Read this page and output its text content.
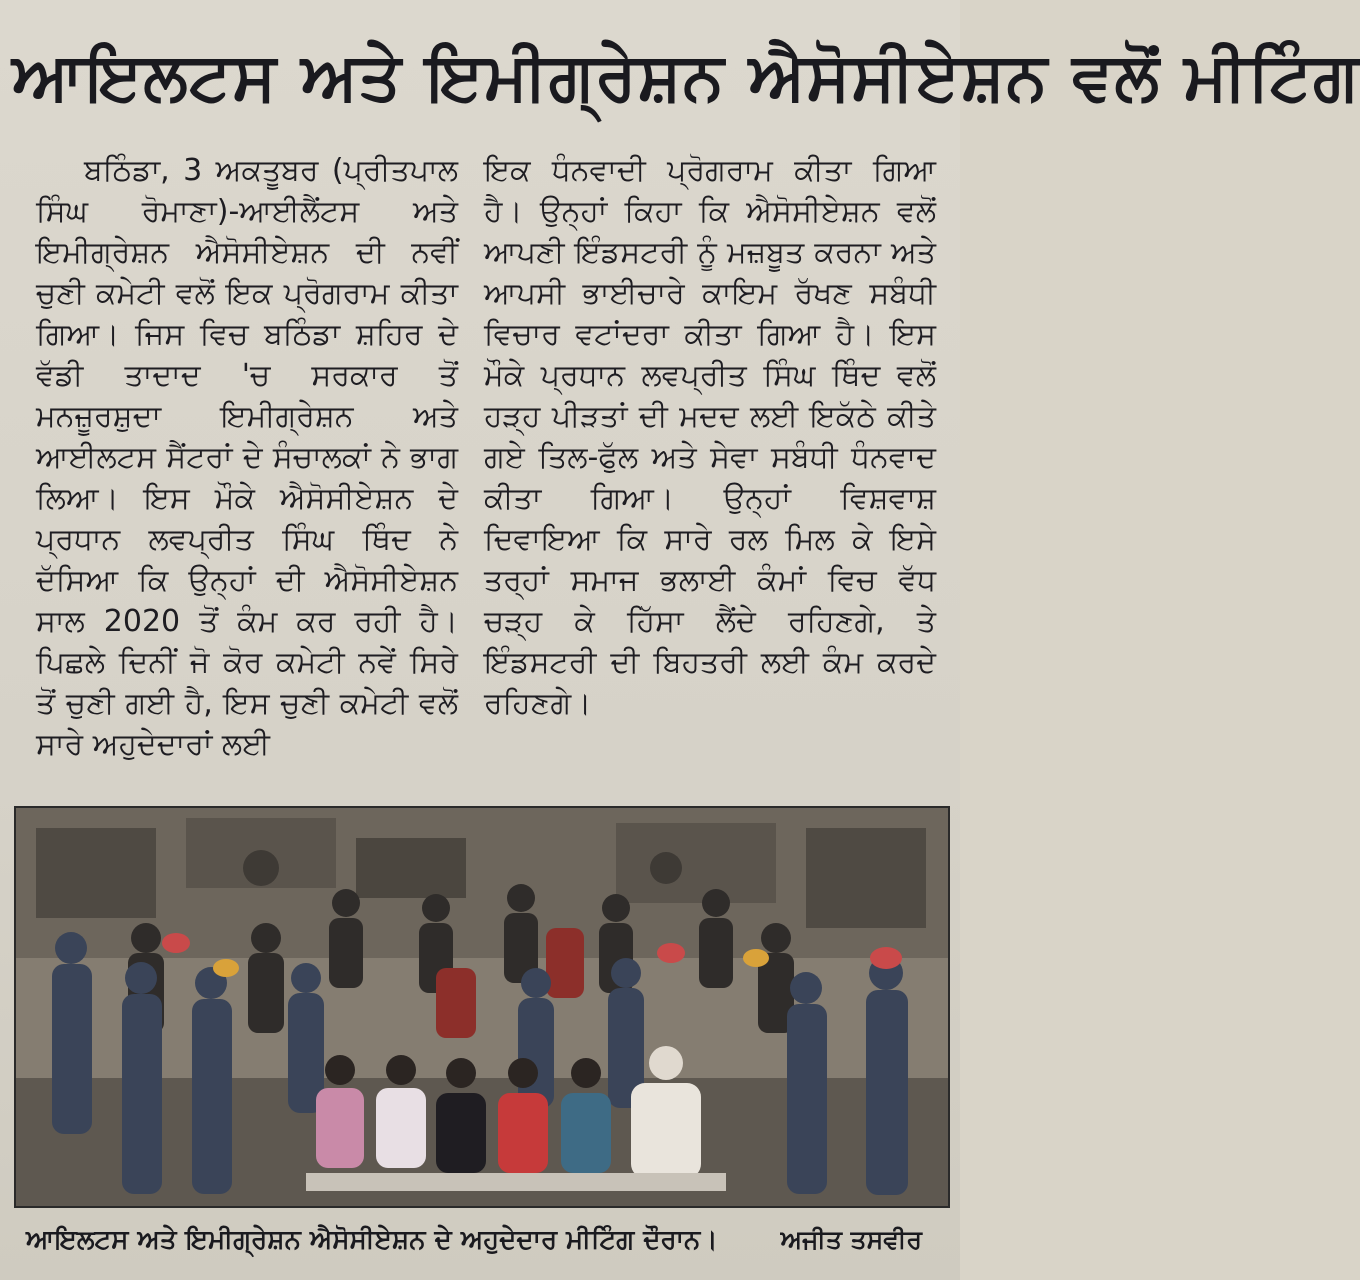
ਆਇਲਟਸ ਅਤੇ ਇਮੀਗ੍ਰੇਸ਼ਨ ਐਸੋਸੀਏਸ਼ਨ ਵਲੋਂ ਮੀਟਿੰਗ

ਬਠਿੰਡਾ, 3 ਅਕਤੂਬਰ (ਪ੍ਰੀਤਪਾਲ ਸਿੰਘ ਰੋਮਾਣਾ)-ਆਈਲੈਂਟਸ ਅਤੇ ਇਮੀਗ੍ਰੇਸ਼ਨ ਐਸੋਸੀਏਸ਼ਨ ਦੀ ਨਵੀਂ ਚੁਣੀ ਕਮੇਟੀ ਵਲੋਂ ਇਕ ਪ੍ਰੋਗਰਾਮ ਕੀਤਾ ਗਿਆ। ਜਿਸ ਵਿਚ ਬਠਿੰਡਾ ਸ਼ਹਿਰ ਦੇ ਵੱਡੀ ਤਾਦਾਦ 'ਚ ਸਰਕਾਰ ਤੋਂ ਮਨਜ਼ੂਰਸ਼ੁਦਾ ਇਮੀਗ੍ਰੇਸ਼ਨ ਅਤੇ ਆਈਲਟਸ ਸੈਂਟਰਾਂ ਦੇ ਸੰਚਾਲਕਾਂ ਨੇ ਭਾਗ ਲਿਆ। ਇਸ ਮੌਕੇ ਐਸੋਸੀਏਸ਼ਨ ਦੇ ਪ੍ਰਧਾਨ ਲਵਪ੍ਰੀਤ ਸਿੰਘ ਥਿੰਦ ਨੇ ਦੱਸਿਆ ਕਿ ਉਨ੍ਹਾਂ ਦੀ ਐਸੋਸੀਏਸ਼ਨ ਸਾਲ 2020 ਤੋਂ ਕੰਮ ਕਰ ਰਹੀ ਹੈ। ਪਿਛਲੇ ਦਿਨੀਂ ਜੋ ਕੋਰ ਕਮੇਟੀ ਨਵੇਂ ਸਿਰੇ ਤੋਂ ਚੁਣੀ ਗਈ ਹੈ, ਇਸ ਚੁਣੀ ਕਮੇਟੀ ਵਲੋਂ ਸਾਰੇ ਅਹੁਦੇਦਾਰਾਂ ਲਈ

ਇਕ ਧੰਨਵਾਦੀ ਪ੍ਰੋਗਰਾਮ ਕੀਤਾ ਗਿਆ ਹੈ। ਉਨ੍ਹਾਂ ਕਿਹਾ ਕਿ ਐਸੋਸੀਏਸ਼ਨ ਵਲੋਂ ਆਪਣੀ ਇੰਡਸਟਰੀ ਨੂੰ ਮਜ਼ਬੂਤ ਕਰਨਾ ਅਤੇ ਆਪਸੀ ਭਾਈਚਾਰੇ ਕਾਇਮ ਰੱਖਣ ਸਬੰਧੀ ਵਿਚਾਰ ਵਟਾਂਦਰਾ ਕੀਤਾ ਗਿਆ ਹੈ। ਇਸ ਮੌਕੇ ਪ੍ਰਧਾਨ ਲਵਪ੍ਰੀਤ ਸਿੰਘ ਥਿੰਦ ਵਲੋਂ ਹੜ੍ਹ ਪੀੜਤਾਂ ਦੀ ਮਦਦ ਲਈ ਇਕੱਠੇ ਕੀਤੇ ਗਏ ਤਿਲ-ਫੁੱਲ ਅਤੇ ਸੇਵਾ ਸਬੰਧੀ ਧੰਨਵਾਦ ਕੀਤਾ ਗਿਆ। ਉਨ੍ਹਾਂ ਵਿਸ਼ਵਾਸ਼ ਦਿਵਾਇਆ ਕਿ ਸਾਰੇ ਰਲ ਮਿਲ ਕੇ ਇਸੇ ਤਰ੍ਹਾਂ ਸਮਾਜ ਭਲਾਈ ਕੰਮਾਂ ਵਿਚ ਵੱਧ ਚੜ੍ਹ ਕੇ ਹਿੱਸਾ ਲੈਂਦੇ ਰਹਿਣਗੇ, ਤੇ ਇੰਡਸਟਰੀ ਦੀ ਬਿਹਤਰੀ ਲਈ ਕੰਮ ਕਰਦੇ ਰਹਿਣਗੇ।

ਆਇਲਟਸ ਅਤੇ ਇਮੀਗ੍ਰੇਸ਼ਨ ਐਸੋਸੀਏਸ਼ਨ ਦੇ ਅਹੁਦੇਦਾਰ ਮੀਟਿੰਗ ਦੌਰਾਨ।	ਅਜੀਤ ਤਸਵੀਰ
